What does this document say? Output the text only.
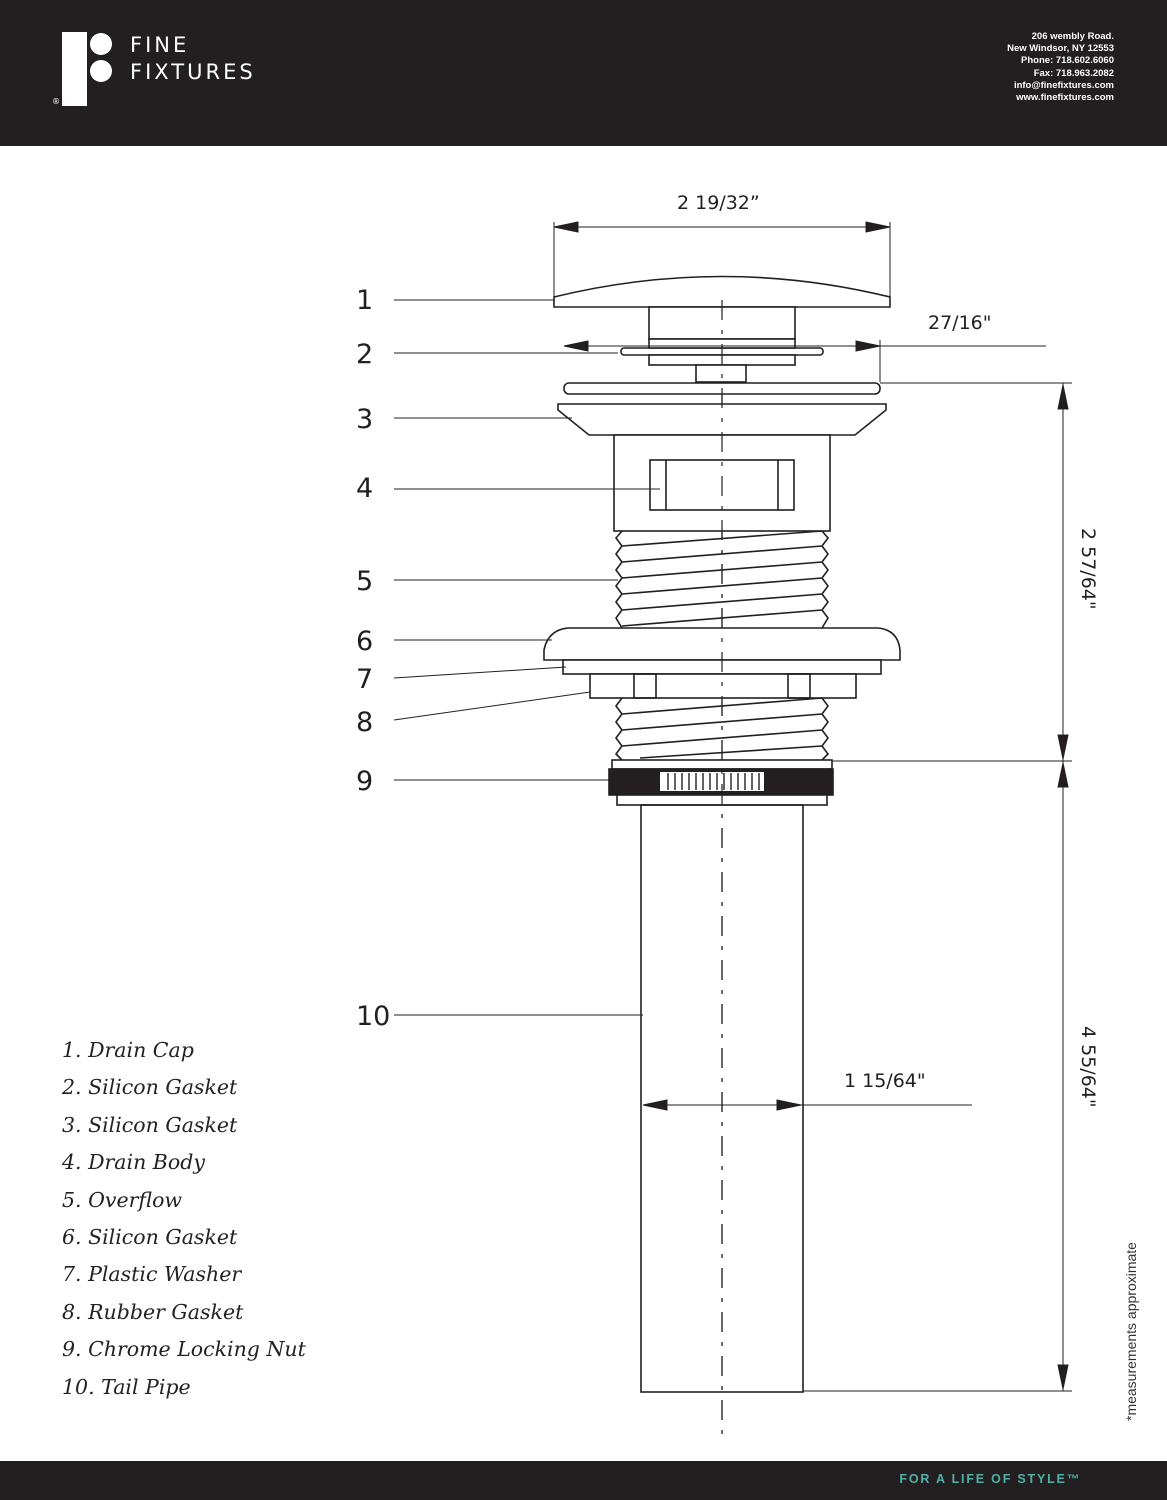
®
FINE
FIXTURES
206 wembly Road.
New Windsor, NY 12553
Phone: 718.602.6060
Fax: 718.963.2082
info@finefixtures.com
www.finefixtures.com
1
2
3
4
5
6
7
8
9
10
2 19/32”
27/16"
1 15/64"
2 57/64"
4 55/64"
1. Drain Cap
2. Silicon Gasket
3. Silicon Gasket
4. Drain Body
5. Overflow
6. Silicon Gasket
7. Plastic Washer
8. Rubber Gasket
9. Chrome Locking Nut
10. Tail Pipe	*measurements approximate
FOR A LIFE OF STYLE™
